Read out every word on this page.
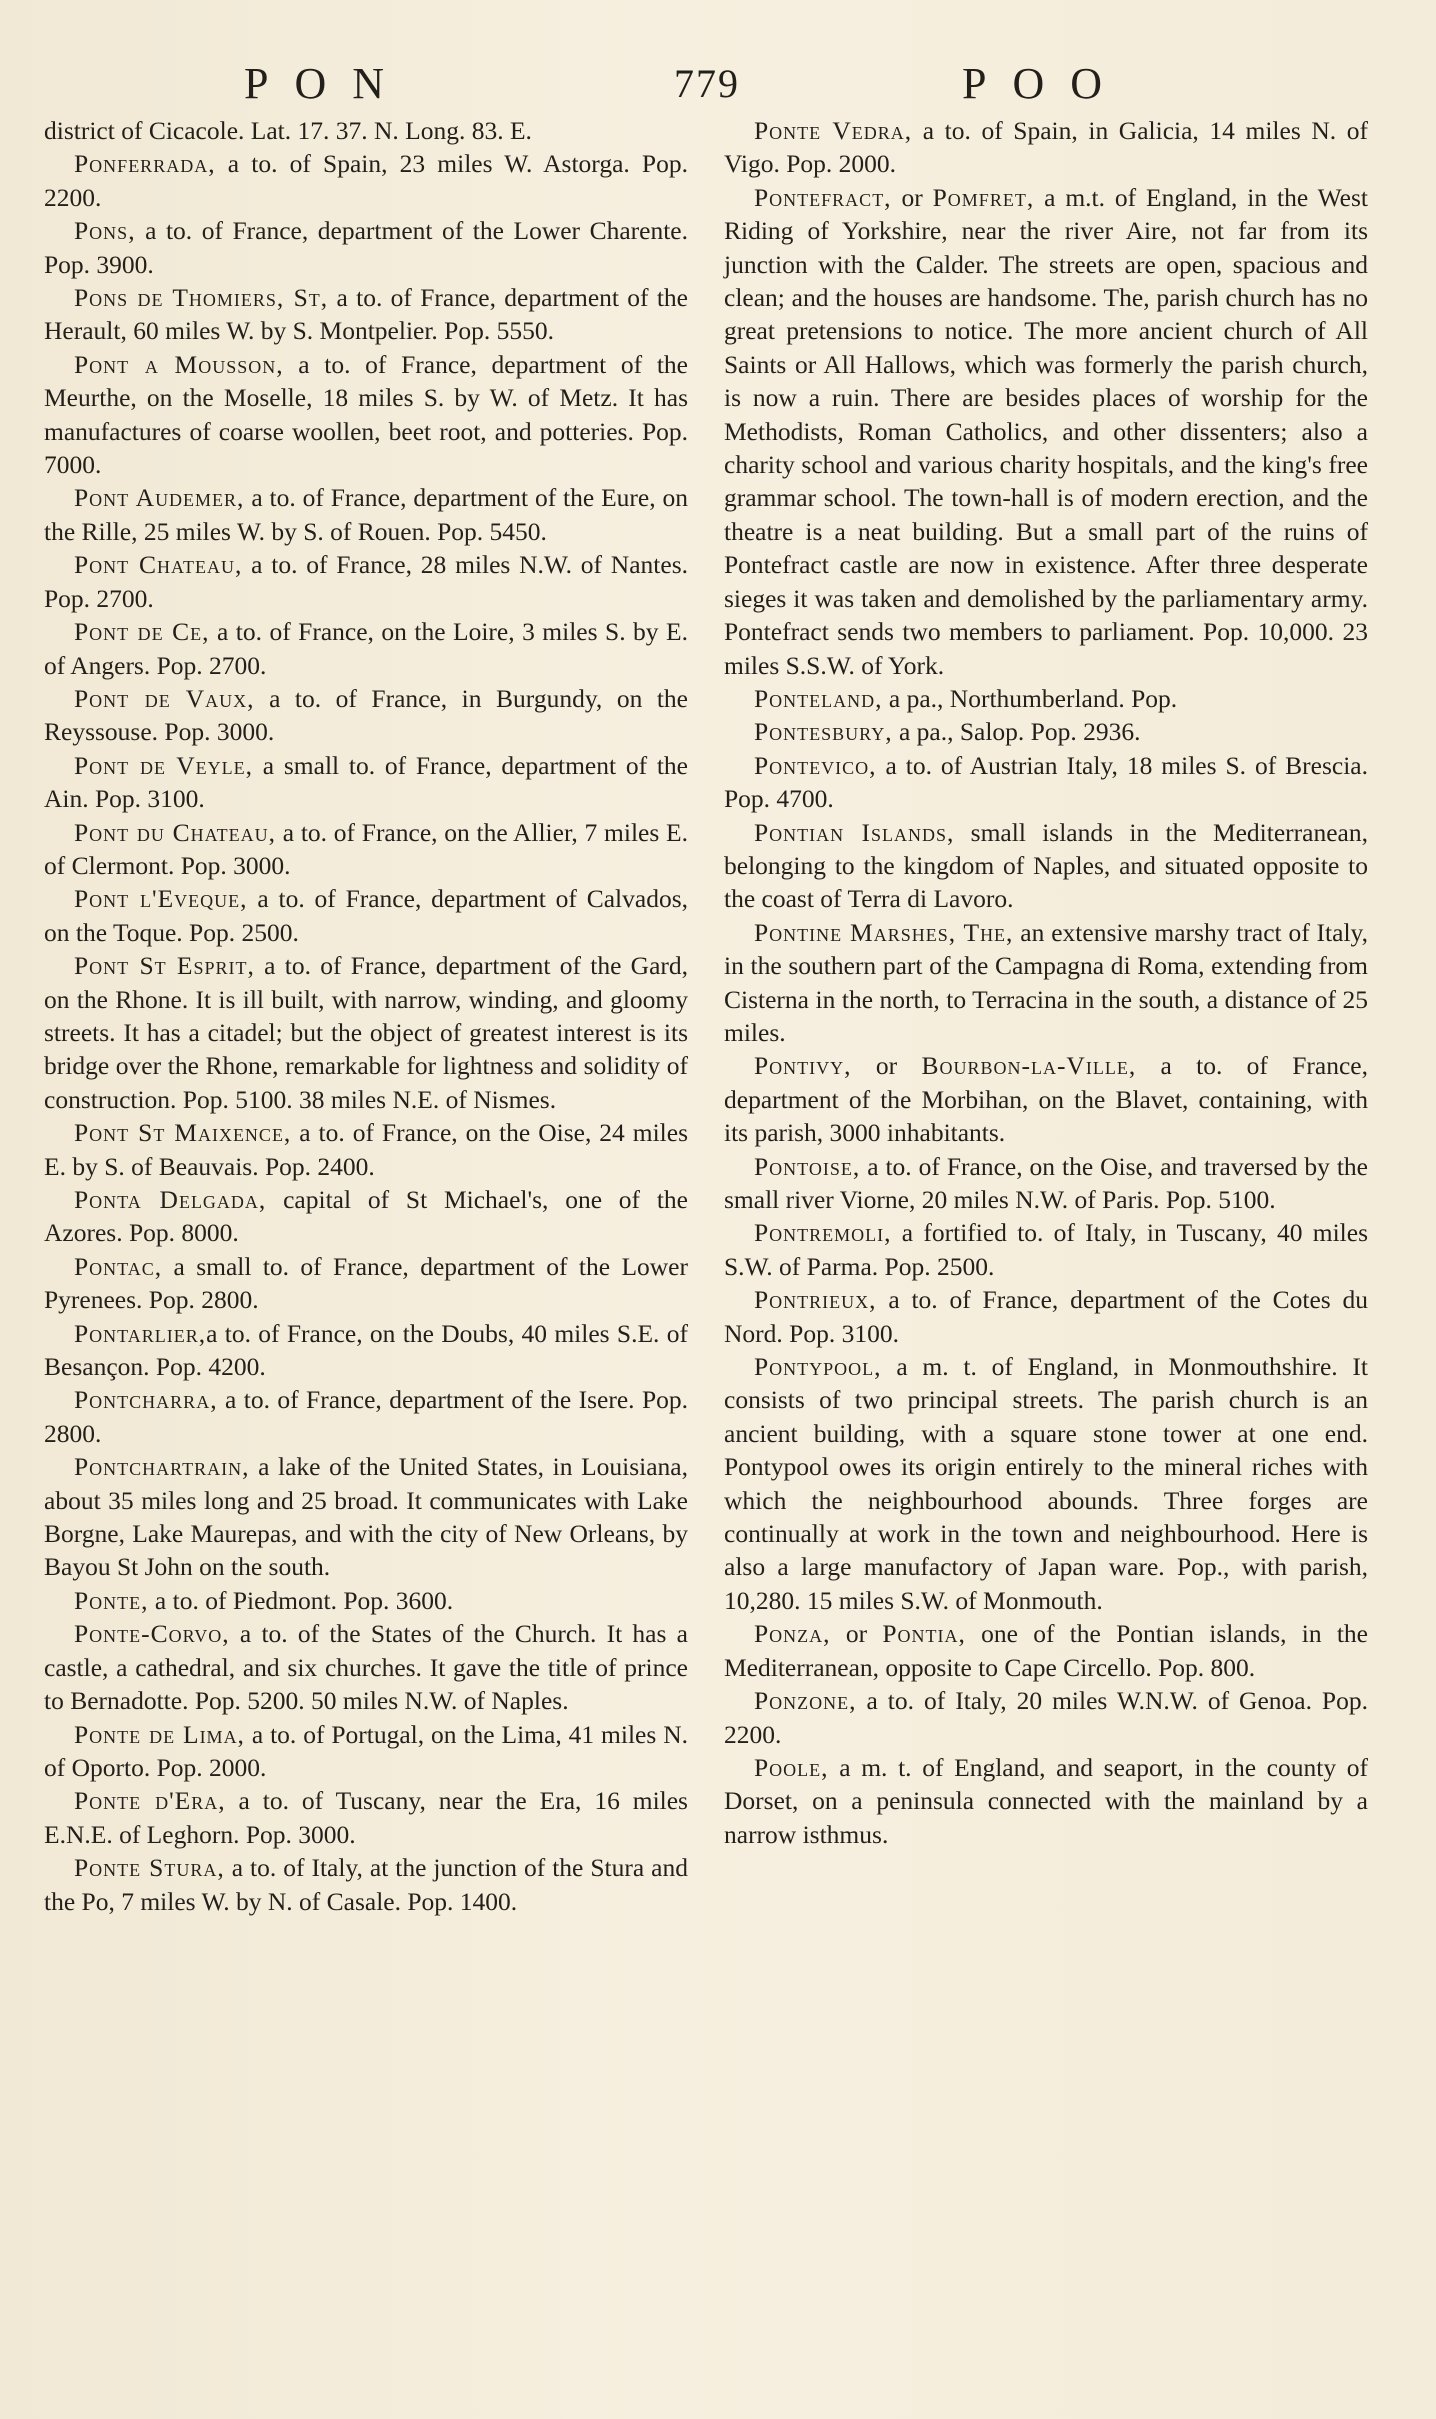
PON	779	POO

district of Cicacole. Lat. 17. 37. N. Long. 83. E.

Ponferrada, a to. of Spain, 23 miles W. Astorga. Pop. 2200.

Pons, a to. of France, department of the Lower Charente. Pop. 3900.

Pons de Thomiers, St, a to. of France, department of the Herault, 60 miles W. by S. Montpelier. Pop. 5550.

Pont a Mousson, a to. of France, department of the Meurthe, on the Moselle, 18 miles S. by W. of Metz. It has manufactures of coarse woollen, beet root, and potteries. Pop. 7000.

Pont Audemer, a to. of France, department of the Eure, on the Rille, 25 miles W. by S. of Rouen. Pop. 5450.

Pont Chateau, a to. of France, 28 miles N.W. of Nantes. Pop. 2700.

Pont de Ce, a to. of France, on the Loire, 3 miles S. by E. of Angers. Pop. 2700.

Pont de Vaux, a to. of France, in Burgundy, on the Reyssouse. Pop. 3000.

Pont de Veyle, a small to. of France, department of the Ain. Pop. 3100.

Pont du Chateau, a to. of France, on the Allier, 7 miles E. of Clermont. Pop. 3000.

Pont l'Eveque, a to. of France, department of Calvados, on the Toque. Pop. 2500.

Pont St Esprit, a to. of France, department of the Gard, on the Rhone. It is ill built, with narrow, winding, and gloomy streets. It has a citadel; but the object of greatest interest is its bridge over the Rhone, remarkable for lightness and solidity of construction. Pop. 5100. 38 miles N.E. of Nismes.

Pont St Maixence, a to. of France, on the Oise, 24 miles E. by S. of Beauvais. Pop. 2400.

Ponta Delgada, capital of St Michael's, one of the Azores. Pop. 8000.

Pontac, a small to. of France, department of the Lower Pyrenees. Pop. 2800.

Pontarlier,a to. of France, on the Doubs, 40 miles S.E. of Besançon. Pop. 4200.

Pontcharra, a to. of France, department of the Isere. Pop. 2800.

Pontchartrain, a lake of the United States, in Louisiana, about 35 miles long and 25 broad. It communicates with Lake Borgne, Lake Maurepas, and with the city of New Orleans, by Bayou St John on the south.

Ponte, a to. of Piedmont. Pop. 3600.

Ponte-Corvo, a to. of the States of the Church. It has a castle, a cathedral, and six churches. It gave the title of prince to Bernadotte. Pop. 5200. 50 miles N.W. of Naples.

Ponte de Lima, a to. of Portugal, on the Lima, 41 miles N. of Oporto. Pop. 2000.

Ponte d'Era, a to. of Tuscany, near the Era, 16 miles E.N.E. of Leghorn. Pop. 3000.

Ponte Stura, a to. of Italy, at the junction of the Stura and the Po, 7 miles W. by N. of Casale. Pop. 1400.

Ponte Vedra, a to. of Spain, in Galicia, 14 miles N. of Vigo. Pop. 2000.

Pontefract, or Pomfret, a m.t. of England, in the West Riding of Yorkshire, near the river Aire, not far from its junction with the Calder. The streets are open, spacious and clean; and the houses are handsome. The, parish church has no great pretensions to notice. The more ancient church of All Saints or All Hallows, which was formerly the parish church, is now a ruin. There are besides places of worship for the Methodists, Roman Catholics, and other dissenters; also a charity school and various charity hospitals, and the king's free grammar school. The town-hall is of modern erection, and the theatre is a neat building. But a small part of the ruins of Pontefract castle are now in existence. After three desperate sieges it was taken and demolished by the parliamentary army. Pontefract sends two members to parliament. Pop. 10,000. 23 miles S.S.W. of York.

Ponteland, a pa., Northumberland. Pop.

Pontesbury, a pa., Salop. Pop. 2936.

Pontevico, a to. of Austrian Italy, 18 miles S. of Brescia. Pop. 4700.

Pontian Islands, small islands in the Mediterranean, belonging to the kingdom of Naples, and situated opposite to the coast of Terra di Lavoro.

Pontine Marshes, The, an extensive marshy tract of Italy, in the southern part of the Campagna di Roma, extending from Cisterna in the north, to Terracina in the south, a distance of 25 miles.

Pontivy, or Bourbon-la-Ville, a to. of France, department of the Morbihan, on the Blavet, containing, with its parish, 3000 inhabitants.

Pontoise, a to. of France, on the Oise, and traversed by the small river Viorne, 20 miles N.W. of Paris. Pop. 5100.

Pontremoli, a fortified to. of Italy, in Tuscany, 40 miles S.W. of Parma. Pop. 2500.

Pontrieux, a to. of France, department of the Cotes du Nord. Pop. 3100.

Pontypool, a m. t. of England, in Monmouthshire. It consists of two principal streets. The parish church is an ancient building, with a square stone tower at one end. Pontypool owes its origin entirely to the mineral riches with which the neighbourhood abounds. Three forges are continually at work in the town and neighbourhood. Here is also a large manufactory of Japan ware. Pop., with parish, 10,280. 15 miles S.W. of Monmouth.

Ponza, or Pontia, one of the Pontian islands, in the Mediterranean, opposite to Cape Circello. Pop. 800.

Ponzone, a to. of Italy, 20 miles W.N.W. of Genoa. Pop. 2200.

Poole, a m. t. of England, and seaport, in the county of Dorset, on a peninsula connected with the mainland by a narrow isthmus.
